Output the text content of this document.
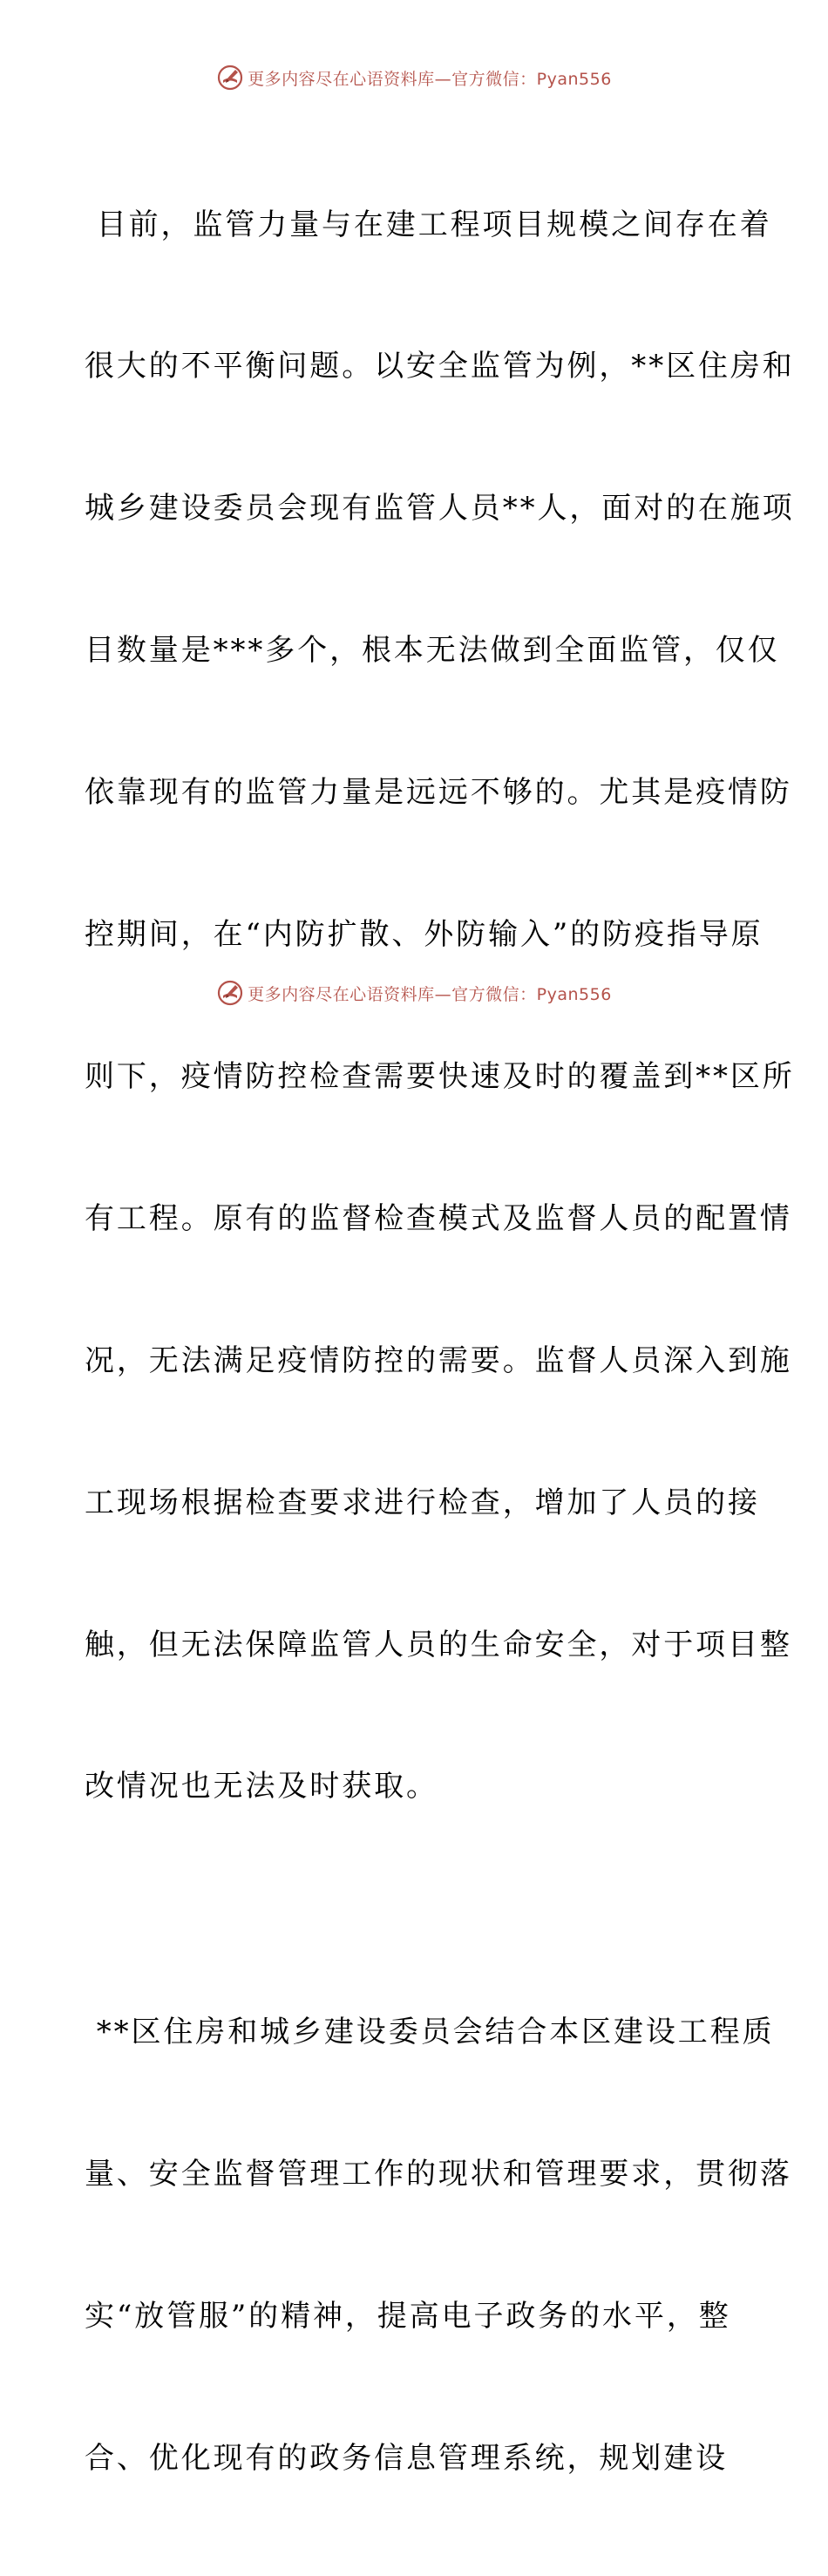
更多内容尽在心语资料库—官方微信：Pyan556

目前，监管力量与在建工程项目规模之间存在着

很大的不平衡问题。以安全监管为例，**区住房和

城乡建设委员会现有监管人员**人，面对的在施项

目数量是***多个，根本无法做到全面监管，仅仅

依靠现有的监管力量是远远不够的。尤其是疫情防

控期间，在“内防扩散、外防输入”的防疫指导原

则下，疫情防控检查需要快速及时的覆盖到**区所

有工程。原有的监督检查模式及监督人员的配置情

况，无法满足疫情防控的需要。监督人员深入到施

工现场根据检查要求进行检查，增加了人员的接

触，但无法保障监管人员的生命安全，对于项目整

改情况也无法及时获取。

**区住房和城乡建设委员会结合本区建设工程质

量、安全监督管理工作的现状和管理要求，贯彻落

实“放管服”的精神，提高电子政务的水平，整

合、优化现有的政务信息管理系统，规划建设

更多内容尽在心语资料库—官方微信：Pyan556
